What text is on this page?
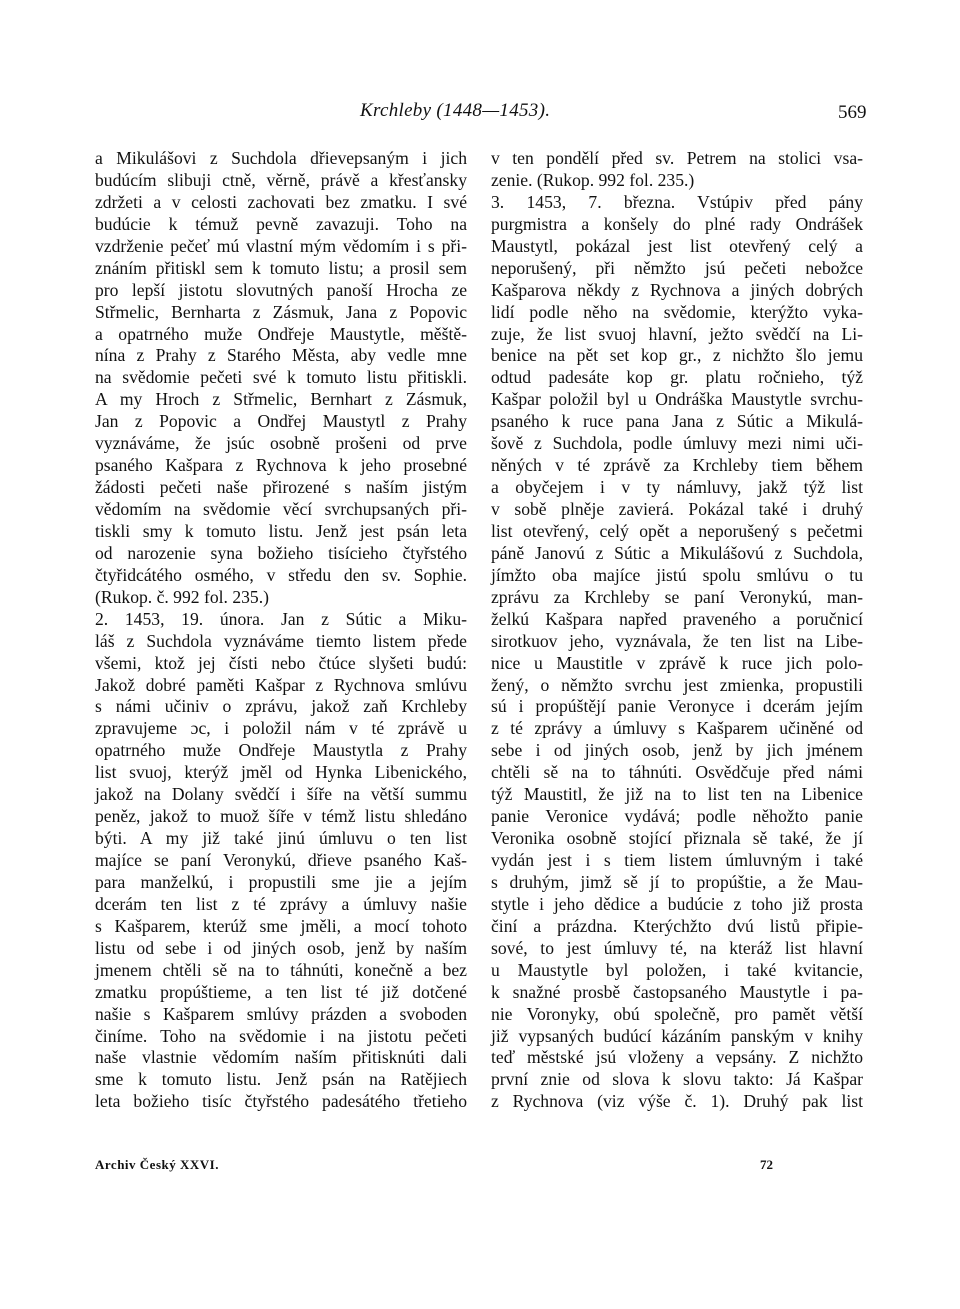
Krchleby (1448—1453).	569
a Mikulášovi z Suchdola dřievepsaným i jich
budúcím slibuji ctně, věrně, právě a křesťansky
zdržeti a v celosti zachovati bez zmatku. I své
budúcie k témuž pevně zavazuji. Toho na
vzdrženie pečeť mú vlastní mým vědomím i s při-
znáním přitiskl sem k tomuto listu; a prosil sem
pro lepší jistotu slovutných panoší Hrocha ze
Střmelic, Bernharta z Zásmuk, Jana z Popovic
a opatrného muže Ondřeje Maustytle, měště-
nína z Prahy z Starého Města, aby vedle mne
na svědomie pečeti své k tomuto listu přitiskli.
A my Hroch z Střmelic, Bernhart z Zásmuk,
Jan z Popovic a Ondřej Maustytl z Prahy
vyznáváme, že jsúc osobně prošeni od prve
psaného Kašpara z Rychnova k jeho prosebné
žádosti pečeti naše přirozené s naším jistým
vědomím na svědomie věcí svrchupsaných při-
tiskli smy k tomuto listu. Jenž jest psán leta
od narozenie syna božieho tisícieho čtyřstého
čtyřidcátého osmého, v středu den sv. Sophie.
(Rukop. č. 992 fol. 235.)
2. 1453, 19. února. Jan z Sútic a Miku-
láš z Suchdola vyznáváme tiemto listem přede
všemi, ktož jej čísti nebo čtúce slyšeti budú:
Jakož dobré paměti Kašpar z Rychnova smlúvu
s námi učiniv o zprávu, jakož zaň Krchleby
zpravujeme ɔc, i položil nám v té zprávě u
opatrného muže Ondřeje Maustytla z Prahy
list svuoj, kterýž jměl od Hynka Libenického,
jakož na Dolany svědčí i šíře na větší summu
peněz, jakož to muož šíře v témž listu shledáno
býti. A my již také jinú úmluvu o ten list
majíce se paní Veronykú, dřieve psaného Kaš-
para manželkú, i propustili sme jie a jejím
dcerám ten list z té zprávy a úmluvy našie
s Kašparem, kterúž sme jměli, a mocí tohoto
listu od sebe i od jiných osob, jenž by naším
jmenem chtěli sě na to táhnúti, konečně a bez
zmatku propúštieme, a ten list té již dotčené
našie s Kašparem smlúvy prázden a svoboden
činíme. Toho na svědomie i na jistotu pečeti
naše vlastnie vědomím naším přitisknúti dali
sme k tomuto listu. Jenž psán na Ratějiech
leta božieho tisíc čtyřstého padesátého třetieho
v ten pondělí před sv. Petrem na stolici vsa-
zenie. (Rukop. 992 fol. 235.)
3. 1453, 7. března. Vstúpiv před pány
purgmistra a konšely do plné rady Ondrášek
Maustytl, pokázal jest list otevřený celý a
neporušený, při němžto jsú pečeti nebožce
Kašparova někdy z Rychnova a jiných dobrých
lidí podle něho na svědomie, kterýžto vyka-
zuje, že list svuoj hlavní, ježto svědčí na Li-
benice na pět set kop gr., z nichžto šlo jemu
odtud padesáte kop gr. platu ročnieho, týž
Kašpar položil byl u Ondráška Maustytle svrchu-
psaného k ruce pana Jana z Sútic a Mikulá-
šově z Suchdola, podle úmluvy mezi nimi uči-
něných v té zprávě za Krchleby tiem během
a obyčejem i v ty námluvy, jakž týž list
v sobě plněje zavierá. Pokázal také i druhý
list otevřený, celý opět a neporušený s pečetmi
páně Janovú z Sútic a Mikulášovú z Suchdola,
jímžto oba majíce jistú spolu smlúvu o tu
zprávu za Krchleby se paní Veronykú, man-
želkú Kašpara napřed praveného a poručnicí
sirotkuov jeho, vyznávala, že ten list na Libe-
nice u Maustitle v zprávě k ruce jich polo-
žený, o němžto svrchu jest zmienka, propustili
sú i propúštějí panie Veronyce i dcerám jejím
z té zprávy a úmluvy s Kašparem učiněné od
sebe i od jiných osob, jenž by jich jménem
chtěli sě na to táhnúti. Osvědčuje před námi
týž Maustitl, že již na to list ten na Libenice
panie Veronice vydává; podle něhožto panie
Veronika osobně stojící přiznala sě také, že jí
vydán jest i s tiem listem úmluvným i také
s druhým, jimž sě jí to propúštie, a že Mau-
stytle i jeho dědice a budúcie z toho již prosta
činí a prázdna. Kterýchžto dvú listů připie-
sové, to jest úmluvy té, na kteráž list hlavní
u Maustytle byl položen, i také kvitancie,
k snažné prosbě častopsaného Maustytle i pa-
nie Voronyky, obú společně, pro pamět větší
již vypsaných budúcí kázáním panským v knihy
teď městské jsú vloženy a vepsány. Z nichžto
první znie od slova k slovu takto: Já Kašpar
z Rychnova (viz výše č. 1). Druhý pak list
Archiv Český XXVI.	72
